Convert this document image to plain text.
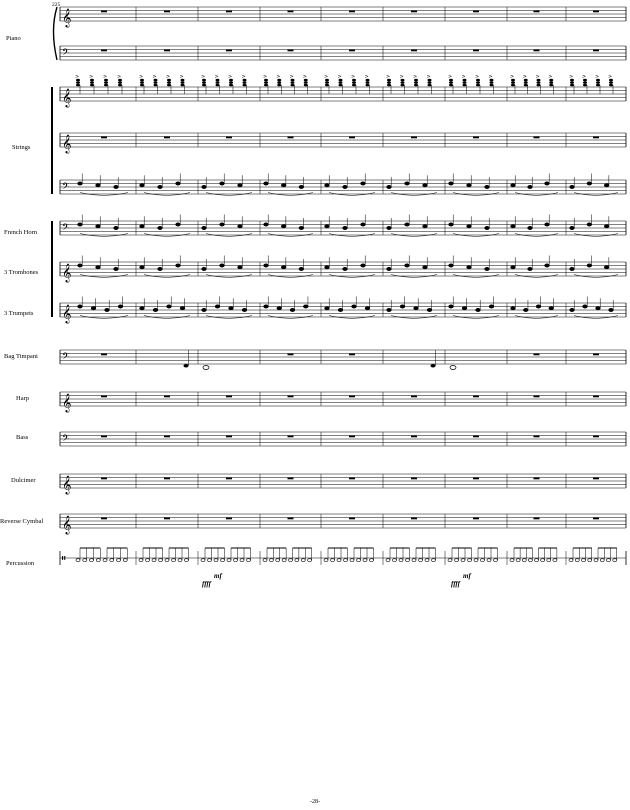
225
Piano
Strings
French Horn
3 Trombones
3 Trumpets
Bag Timpani
Harp
Bass
Dulcimer
Reverse Cymbal
Percussion
𝄞
𝄢
𝄞
𝄞
𝄢
𝄢
𝄞
𝄞
𝄢
𝄞
𝄢
𝄞
𝄞
𝄥
> > > >	> > > >	> > > >	> > > >	> > > >	> > > >	> > > >	> > > >	> > > >
mf
ffff
mf
ffff
-28-
